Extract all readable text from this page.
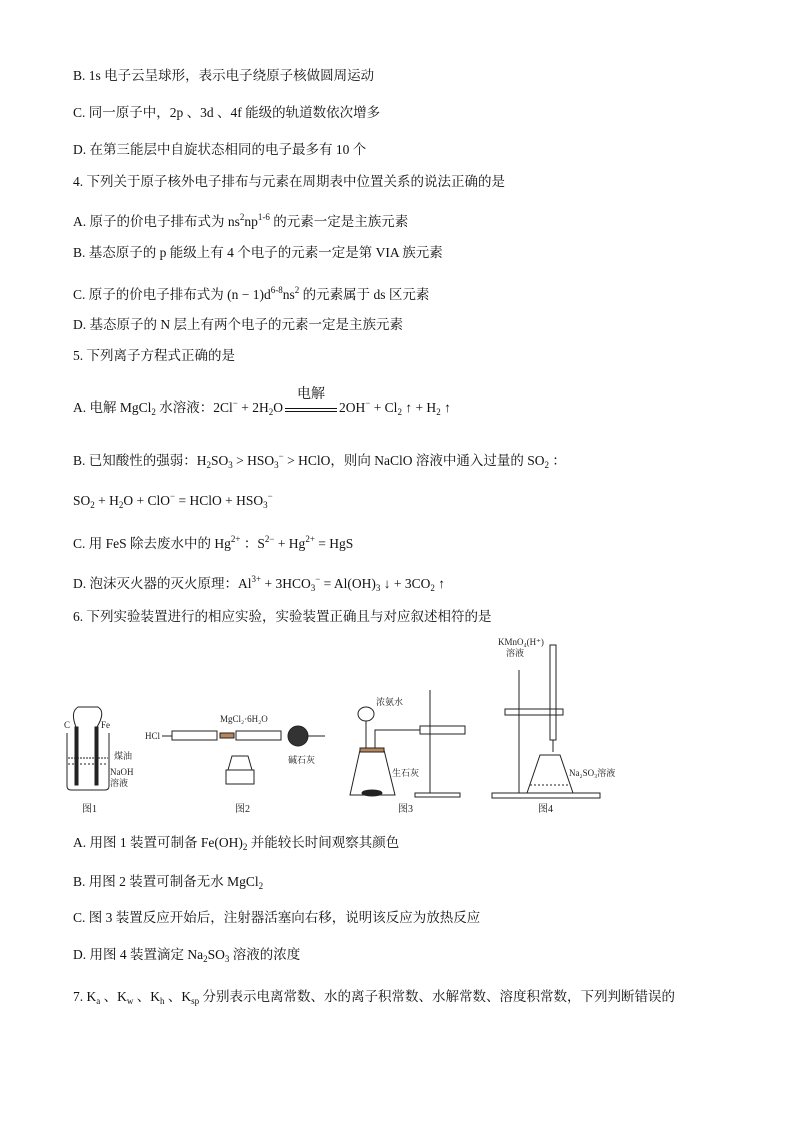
B. 1s 电子云呈球形，表示电子绕原子核做圆周运动
C. 同一原子中，2p 、3d 、4f 能级的轨道数依次增多
D. 在第三能层中自旋状态相同的电子最多有 10 个
4. 下列关于原子核外电子排布与元素在周期表中位置关系的说法正确的是
A. 原子的价电子排布式为 $ns^2np^{1-6}$ 的元素一定是主族元素
B. 基态原子的 p 能级上有 4 个电子的元素一定是第 VIA 族元素
C. 原子的价电子排布式为 $(n - 1)d^{6-8}ns^2$ 的元素属于 ds 区元素
D. 基态原子的 N 层上有两个电子的元素一定是主族元素
5. 下列离子方程式正确的是
A. 电解 MgCl$_2$ 水溶液：$2Cl^- + 2H_2O$
电解
$2OH^- + Cl_2$ ↑ + $H_2$ ↑
B. 已知酸性的强弱：$H_2SO_3 > HSO_3^-$ > HClO，则向 NaClO 溶液中通入过量的 $SO_2$ ：
$SO_2 + H_2O + ClO^-$ = HClO + $HSO_3^-$
C. 用 FeS 除去废水中的 $Hg^{2+}$ ：$S^{2-} + Hg^{2+}$ = HgS
D. 泡沫灭火器的灭火原理：$Al^{3+} + 3HCO_3^- = Al(OH)_3$ ↓ + $3CO_2$ ↑
6. 下列实验装置进行的相应实验，实验装置正确且与对应叙述相符的是
A. 用图 1 装置可制备 $Fe(OH)_2$ 并能较长时间观察其颜色
B. 用图 2 装置可制备无水 MgCl$_2$
C. 图 3 装置反应开始后，注射器活塞向右移，说明该反应为放热反应
D. 用图 4 装置滴定 $Na_2SO_3$ 溶液的浓度
7. $K_a$ 、$K_w$ 、$K_h$ 、$K_{sp}$ 分别表示电离常数、水的离子积常数、水解常数、溶度积常数，下列判断错误的
C	Fe
煤油
NaOH
溶液
图1
HCl
MgCl₂·6H₂O
碱石灰
图2
浓氨水
生石灰
图3
KMnO₄(H⁺)
溶液
Na₂SO₃溶液
图4
